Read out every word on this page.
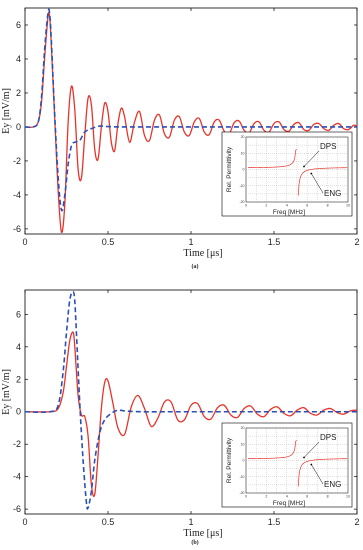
0	0.5	1	1.5	2
-6
-4
-2
0
2
4
6
Time [μs]
Ey [mV/m]
(a)
20
10
0
-10
-20
0	2	4	6	8	10
Freq [MHz]
Rel. Permittivity
DPS
ENG
0	0.5	1	1.5	2
-6
-4
-2
0
2
4
6
Time [μs]
Ey [mV/m]
(b)
20
10
0
-10
-20
0	2	4	6	8	10
Freq [MHz]
Rel. Permittivity
DPS
ENG
